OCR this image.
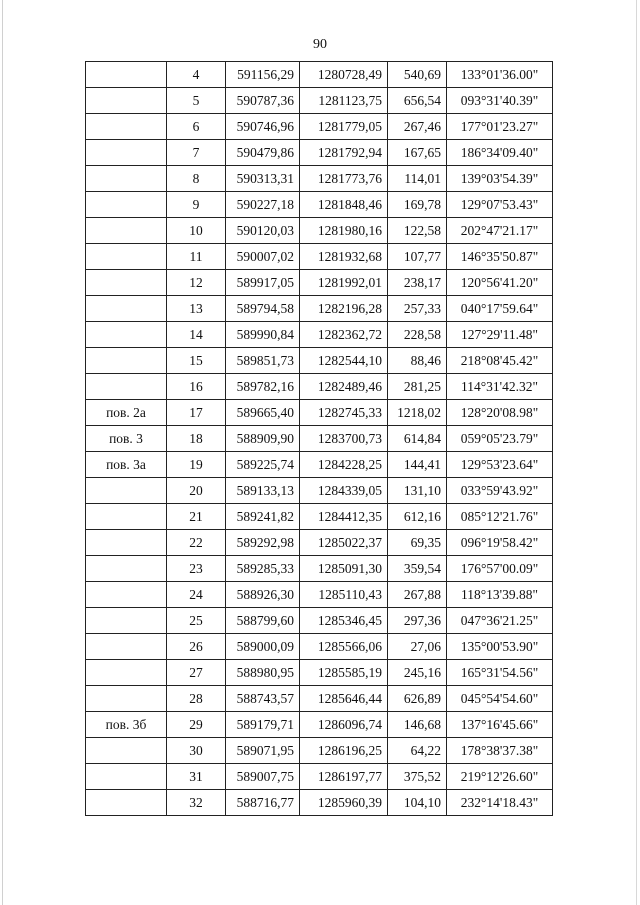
90
	4	591156,29	1280728,49	540,69	133°01'36.00"
	5	590787,36	1281123,75	656,54	093°31'40.39"
	6	590746,96	1281779,05	267,46	177°01'23.27"
	7	590479,86	1281792,94	167,65	186°34'09.40"
	8	590313,31	1281773,76	114,01	139°03'54.39"
	9	590227,18	1281848,46	169,78	129°07'53.43"
	10	590120,03	1281980,16	122,58	202°47'21.17"
	11	590007,02	1281932,68	107,77	146°35'50.87"
	12	589917,05	1281992,01	238,17	120°56'41.20"
	13	589794,58	1282196,28	257,33	040°17'59.64"
	14	589990,84	1282362,72	228,58	127°29'11.48"
	15	589851,73	1282544,10	88,46	218°08'45.42"
	16	589782,16	1282489,46	281,25	114°31'42.32"
пов. 2а	17	589665,40	1282745,33	1218,02	128°20'08.98"
пов. 3	18	588909,90	1283700,73	614,84	059°05'23.79"
пов. 3а	19	589225,74	1284228,25	144,41	129°53'23.64"
	20	589133,13	1284339,05	131,10	033°59'43.92"
	21	589241,82	1284412,35	612,16	085°12'21.76"
	22	589292,98	1285022,37	69,35	096°19'58.42"
	23	589285,33	1285091,30	359,54	176°57'00.09"
	24	588926,30	1285110,43	267,88	118°13'39.88"
	25	588799,60	1285346,45	297,36	047°36'21.25"
	26	589000,09	1285566,06	27,06	135°00'53.90"
	27	588980,95	1285585,19	245,16	165°31'54.56"
	28	588743,57	1285646,44	626,89	045°54'54.60"
пов. 3б	29	589179,71	1286096,74	146,68	137°16'45.66"
	30	589071,95	1286196,25	64,22	178°38'37.38"
	31	589007,75	1286197,77	375,52	219°12'26.60"
	32	588716,77	1285960,39	104,10	232°14'18.43"
